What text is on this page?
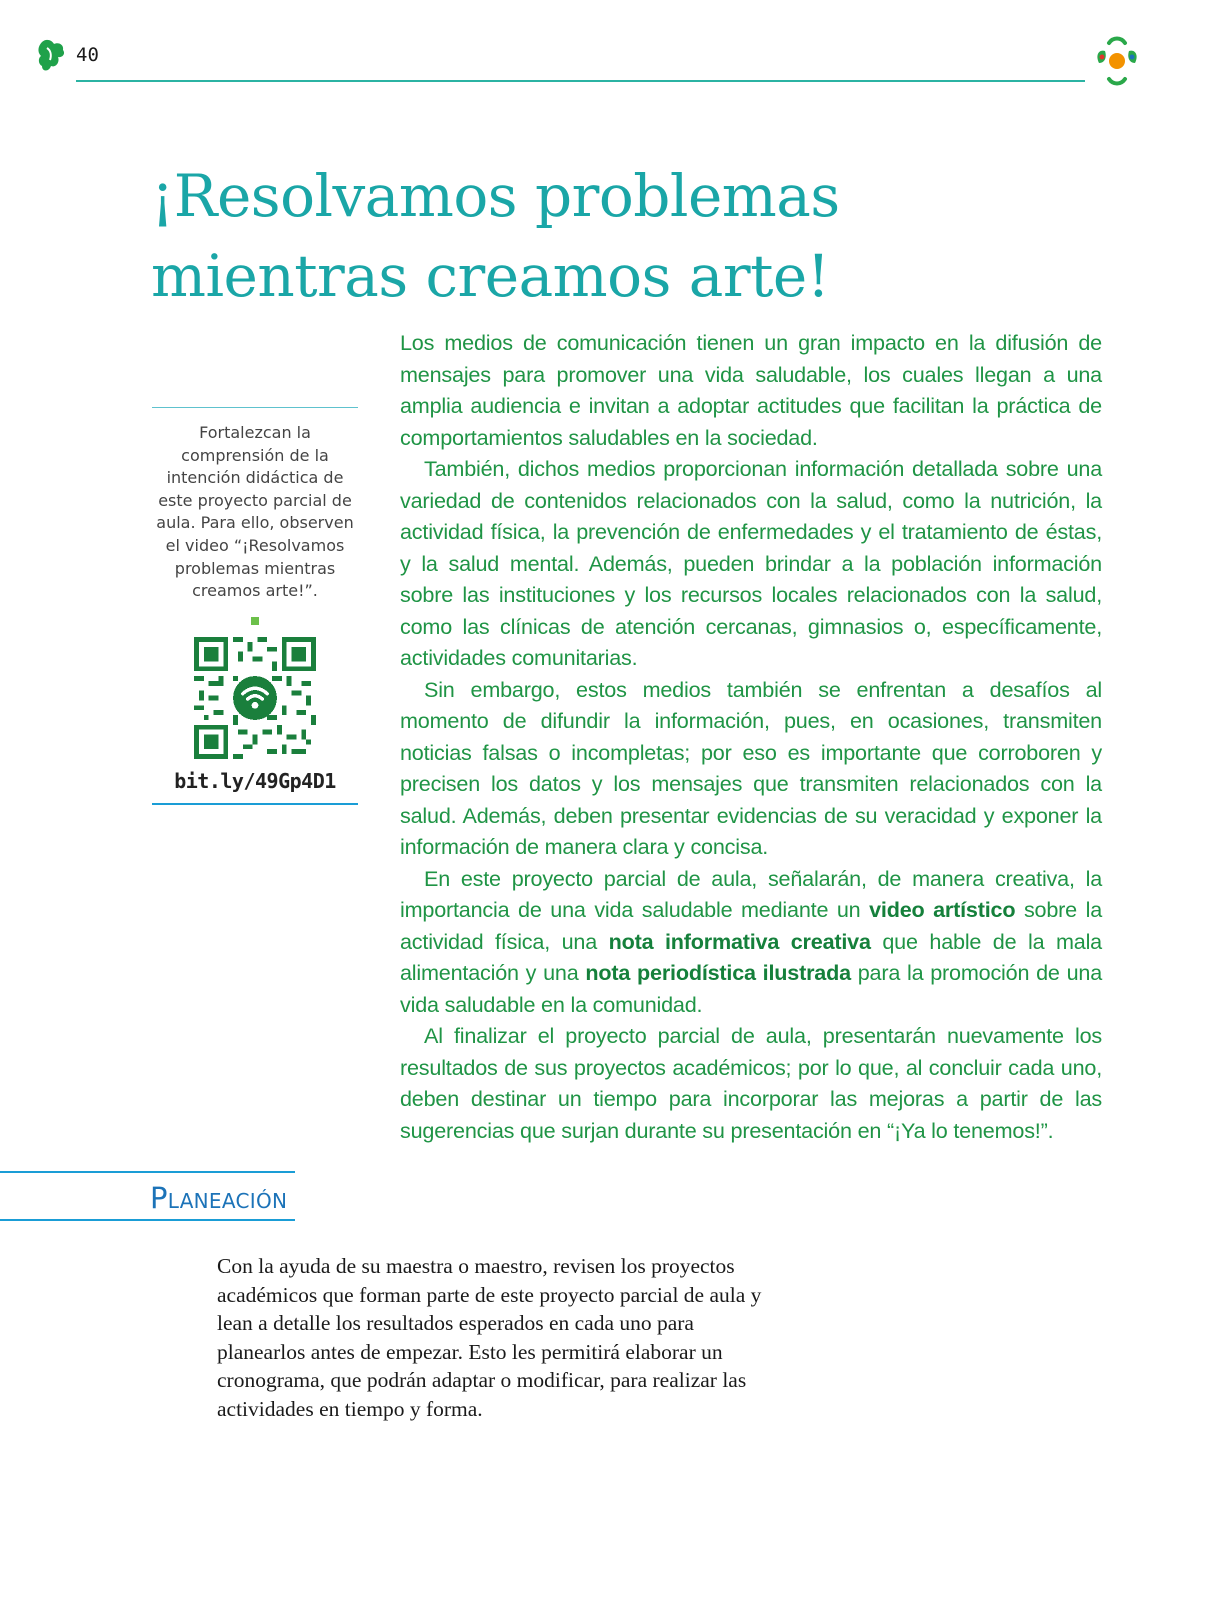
40
¡Resolvamos problemas
mientras creamos arte!
Fortalezcan la comprensión de la intención didáctica de este proyecto parcial de aula. Para ello, observen el video “¡Resolvamos problemas mientras creamos arte!”.
bit.ly/49Gp4D1

Los medios de comunicación tienen un gran impacto en la difusión de mensajes para promover una vida saludable, los cuales llegan a una amplia audiencia e invitan a adoptar actitudes que facilitan la práctica de comportamientos saludables en la sociedad.

También, dichos medios proporcionan información detallada sobre una variedad de contenidos relacionados con la salud, como la nutrición, la actividad física, la prevención de enfermedades y el tratamiento de éstas, y la salud mental. Además, pueden brindar a la población información sobre las instituciones y los recursos locales relacionados con la salud, como las clínicas de atención cercanas, gimnasios o, específicamente, actividades comunitarias.

Sin embargo, estos medios también se enfrentan a desafíos al momento de difundir la información, pues, en ocasiones, transmiten noticias falsas o incompletas; por eso es importante que corroboren y precisen los datos y los mensajes que transmiten relacionados con la salud. Además, deben presentar evidencias de su veracidad y exponer la información de manera clara y concisa.

En este proyecto parcial de aula, señalarán, de manera creativa, la importancia de una vida saludable mediante un video artístico sobre la actividad física, una nota informativa creativa que hable de la mala alimentación y una nota periodística ilustrada para la promoción de una vida saludable en la comunidad.

Al finalizar el proyecto parcial de aula, presentarán nuevamente los resultados de sus proyectos académicos; por lo que, al concluir cada uno, deben destinar un tiempo para incorporar las mejoras a partir de las sugerencias que surjan durante su presentación en “¡Ya lo tenemos!”.

Planeación
Con la ayuda de su maestra o maestro, revisen los proyectos académicos que forman parte de este proyecto parcial de aula y lean a detalle los resultados esperados en cada uno para planearlos antes de empezar. Esto les permitirá elaborar un cronograma, que podrán adaptar o modificar, para realizar las actividades en tiempo y forma.
